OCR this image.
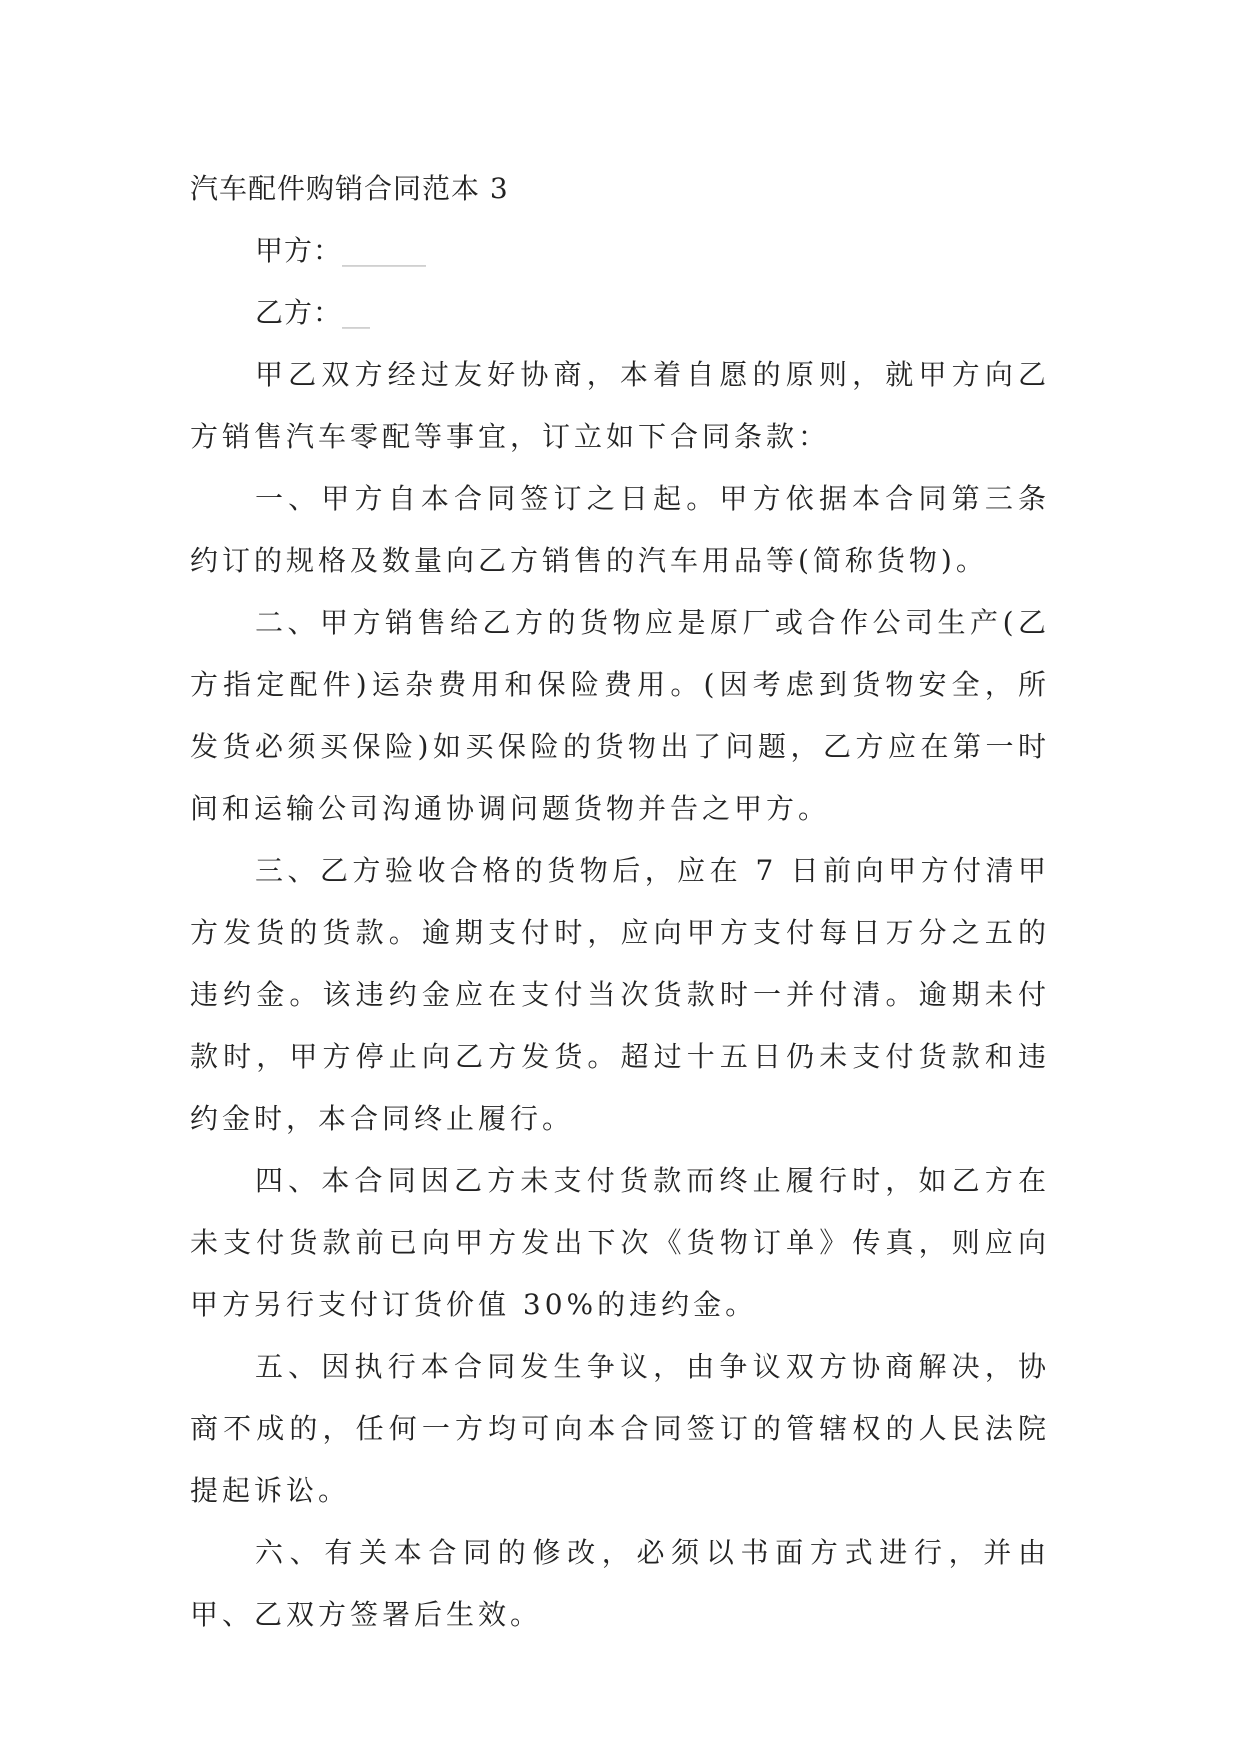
汽车配件购销合同范本 3

甲方：______

乙方：__

甲乙双方经过友好协商，本着自愿的原则，就甲方向乙方销售汽车零配等事宜，订立如下合同条款：

一、甲方自本合同签订之日起。甲方依据本合同第三条约订的规格及数量向乙方销售的汽车用品等(简称货物)。

二、甲方销售给乙方的货物应是原厂或合作公司生产(乙方指定配件)运杂费用和保险费用。(因考虑到货物安全，所发货必须买保险)如买保险的货物出了问题，乙方应在第一时间和运输公司沟通协调问题货物并告之甲方。

三、乙方验收合格的货物后，应在 7 日前向甲方付清甲方发货的货款。逾期支付时，应向甲方支付每日万分之五的违约金。该违约金应在支付当次货款时一并付清。逾期未付款时，甲方停止向乙方发货。超过十五日仍未支付货款和违约金时，本合同终止履行。

四、本合同因乙方未支付货款而终止履行时，如乙方在未支付货款前已向甲方发出下次《货物订单》传真，则应向甲方另行支付订货价值 30%的违约金。

五、因执行本合同发生争议，由争议双方协商解决，协商不成的，任何一方均可向本合同签订的管辖权的人民法院提起诉讼。

六、有关本合同的修改，必须以书面方式进行，并由甲、乙双方签署后生效。
